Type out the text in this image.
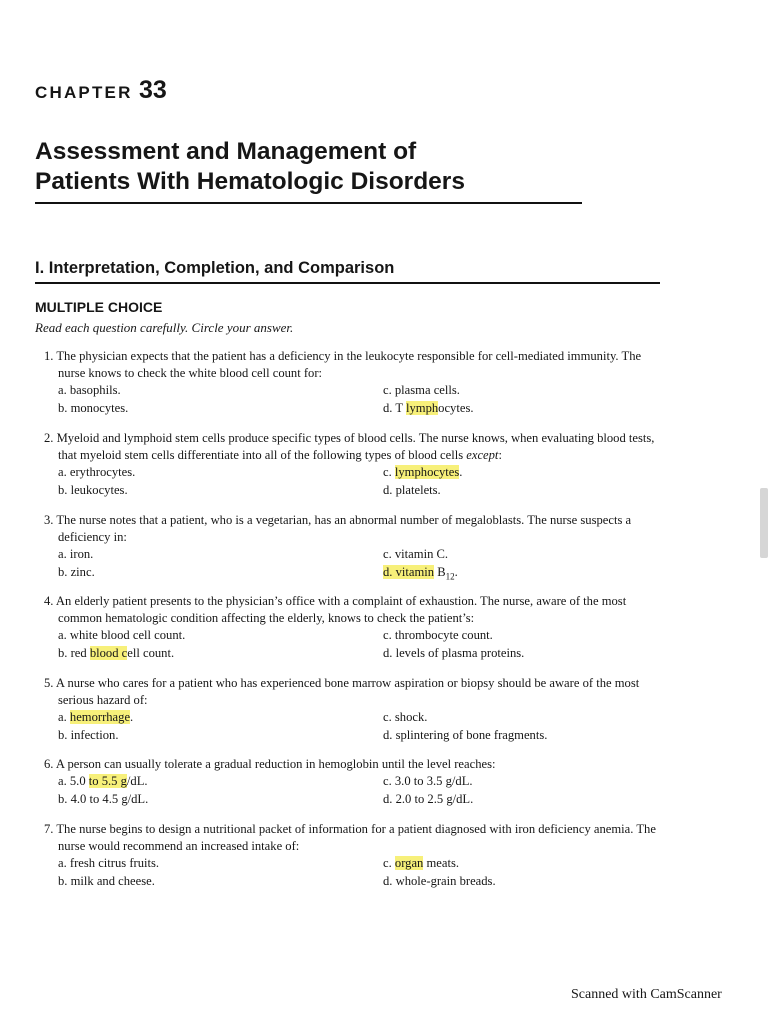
CHAPTER 33
Assessment and Management of
Patients With Hematologic Disorders
I. Interpretation, Completion, and Comparison
MULTIPLE CHOICE
Read each question carefully. Circle your answer.
1. The physician expects that the patient has a deficiency in the leukocyte responsible for cell-mediated immunity. The nurse knows to check the white blood cell count for:
a. basophils.	c. plasma cells.
b. monocytes.	d. T lymphocytes.
2. Myeloid and lymphoid stem cells produce specific types of blood cells. The nurse knows, when evaluating blood tests, that myeloid stem cells differentiate into all of the following types of blood cells except:
a. erythrocytes.	c. lymphocytes.
b. leukocytes.	d. platelets.
3. The nurse notes that a patient, who is a vegetarian, has an abnormal number of megaloblasts. The nurse suspects a deficiency in:
a. iron.	c. vitamin C.
b. zinc.	d. vitamin $B_{12}$.
4. An elderly patient presents to the physician’s office with a complaint of exhaustion. The nurse, aware of the most common hematologic condition affecting the elderly, knows to check the patient’s:
a. white blood cell count.	c. thrombocyte count.
b. red blood cell count.	d. levels of plasma proteins.
5. A nurse who cares for a patient who has experienced bone marrow aspiration or biopsy should be aware of the most serious hazard of:
a. hemorrhage.	c. shock.
b. infection.	d. splintering of bone fragments.
6. A person can usually tolerate a gradual reduction in hemoglobin until the level reaches:
a. 5.0 to 5.5 g/dL.	c. 3.0 to 3.5 g/dL.
b. 4.0 to 4.5 g/dL.	d. 2.0 to 2.5 g/dL.
7. The nurse begins to design a nutritional packet of information for a patient diagnosed with iron deficiency anemia. The nurse would recommend an increased intake of:
a. fresh citrus fruits.	c. organ meats.
b. milk and cheese.	d. whole-grain breads.
Scanned with CamScanner
